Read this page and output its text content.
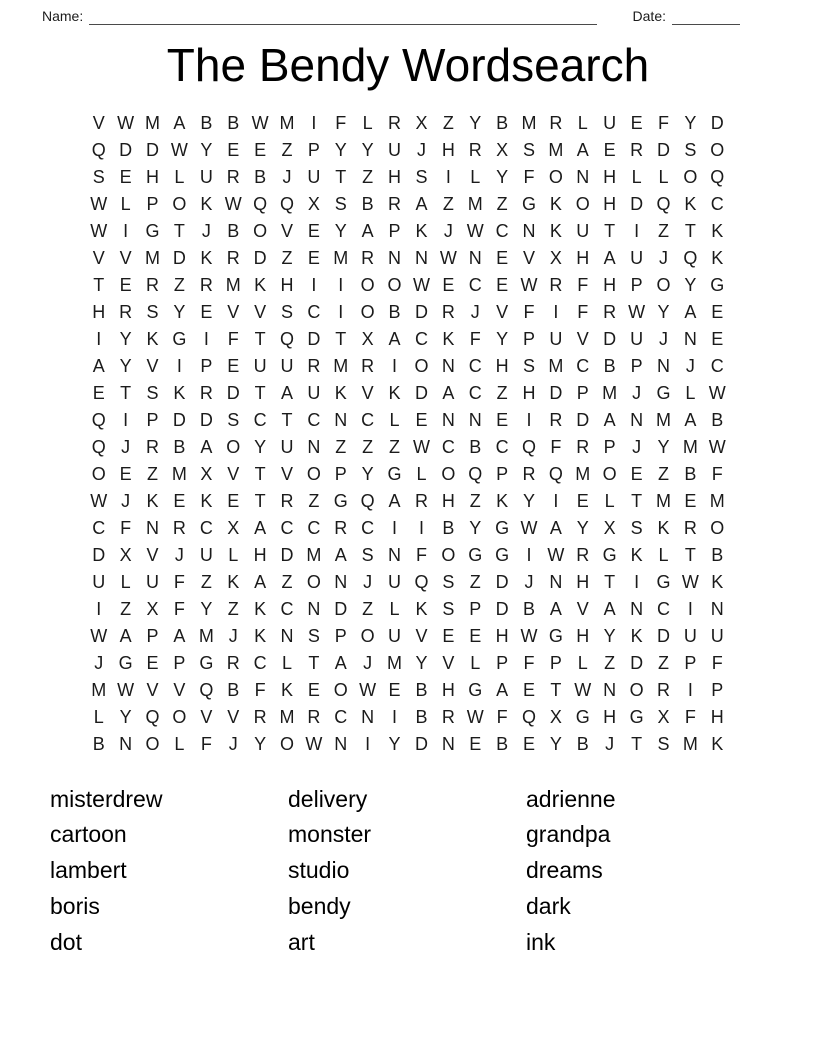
Name:	Date:
The Bendy Wordsearch
V W M A B B W M I	F L R X Z Y B M R L U E F Y D
Q D D W Y E E Z P Y Y U J H R X S M A E R D S O
S E H L U R B J U T Z H S	I	L Y F O N H L L O Q
W L P O K W Q Q X S B R A Z M Z G K O H D Q K C
W I G T J B O V E Y A P K J W C N K U T	I	Z T K
V V M D K R D Z E M R N N W N E V X H A U J Q K
T E R Z R M K H I	I O O W E C E W R F H P O Y G
H R S Y E V V S C I O B D R J V F	I	F R W Y A E
I	Y K G I	F T Q D T X A C K F Y P U V D U J N E
A Y V	I	P E U U R M R I O N C H S M C B P N J C
E T S K R D T A U K V K D A C Z H D P M J G L W
Q I	P D D S C T C N C L E N N E	I R D A N M A B
Q J R B A O Y U N Z Z Z W C B C Q F R P J Y M W
O E Z M X V T V O P Y G L O Q P R Q M O E Z B F
W J K E K E T R Z G Q A R H Z K Y	I	E L T M E M
C F N R C X A C C R C I	I	B Y G W A Y X S K R O
D X V J U L H D M A S N F O G G I W R G K L T B
U L U F Z K A Z O N J U Q S Z D J N H T	I G W K
I	Z X F Y Z K C N D Z L K S P D B A V A N C I N
W A P A M J K N S P O U V E E H W G H Y K D U U
J G E P G R C L T A J M Y V L P F P L Z D Z P F
M W V V Q B F K E O W E B H G A E T W N O R I	P
L Y Q O V V R M R C N I	B R W F Q X G H G X F H
B N O L F J Y O W N I	Y D N E B E Y B J T S M K
misterdrew
cartoon
lambert
boris
dot
delivery
monster
studio
bendy
art
adrienne
grandpa
dreams
dark
ink
